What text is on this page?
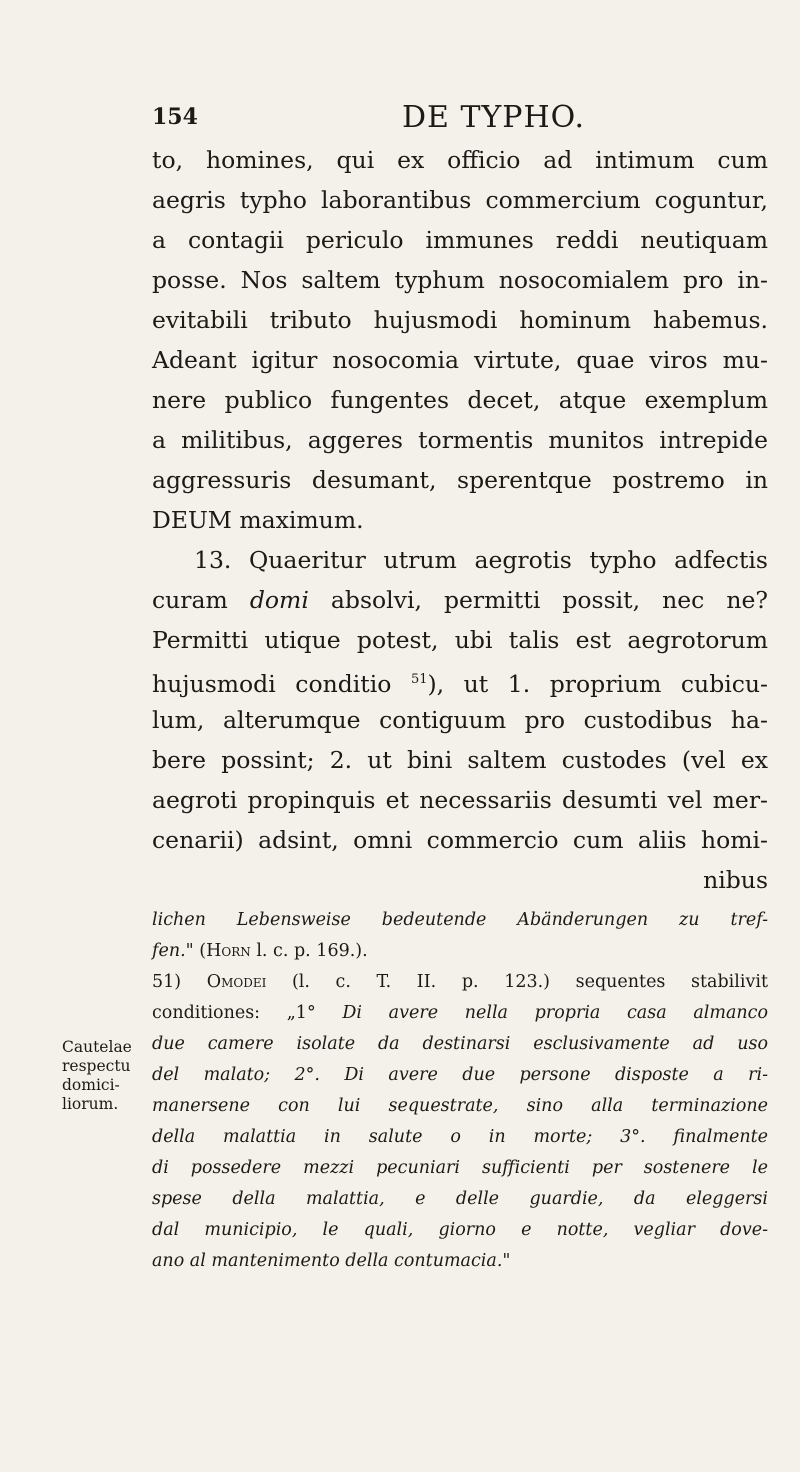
154	DE TYPHO.
to, homines, qui ex officio ad intimum cum
aegris typho laborantibus commercium coguntur,
a contagii periculo immunes reddi neutiquam
posse. Nos saltem typhum nosocomialem pro in-
evitabili tributo hujusmodi hominum habemus.
Adeant igitur nosocomia virtute, quae viros mu-
nere publico fungentes decet, atque exemplum
a militibus, aggeres tormentis munitos intrepide
aggressuris desumant, sperentque postremo in
DEUM maximum.
13. Quaeritur utrum aegrotis typho adfectis
curam domi absolvi, permitti possit, nec ne?
Permitti utique potest, ubi talis est aegrotorum
hujusmodi conditio $^{51}$), ut 1. proprium cubicu-
lum, alterumque contiguum pro custodibus ha-
bere possint; 2. ut bini saltem custodes (vel ex
aegroti propinquis et necessariis desumti vel mer-
cenarii) adsint, omni commercio cum aliis homi-
nibus
Cautelae
respectu
domici-
liorum.
lichen Lebensweise bedeutende Abänderungen zu tref-
fen." (Horn l. c. p. 169.).
51) Omodei (l. c. T. II. p. 123.) sequentes stabilivit
conditiones: „1° Di avere nella propria casa almanco
due camere isolate da destinarsi esclusivamente ad uso
del malato; 2°. Di avere due persone disposte a ri-
manersene con lui sequestrate, sino alla terminazione
della malattia in salute o in morte; 3°. finalmente
di possedere mezzi pecuniari sufficienti per sostenere le
spese della malattia, e delle guardie, da eleggersi
dal municipio, le quali, giorno e notte, vegliar dove-
ano al mantenimento della contumacia."
